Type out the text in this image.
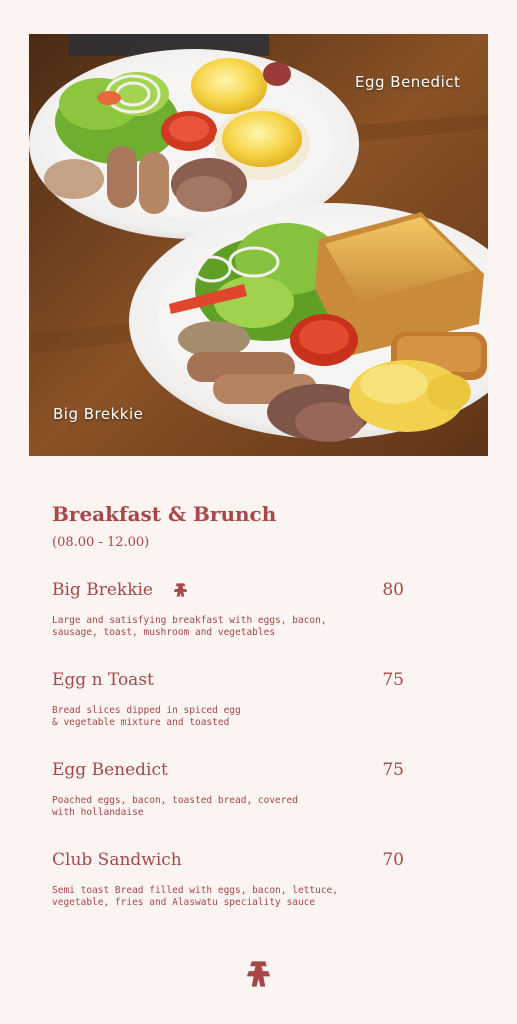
Egg Benedict
Big Brekkie
Breakfast & Brunch
(08.00 - 12.00)
Big Brekkie	80
Large and satisfying breakfast with eggs, bacon,
sausage, toast, mushroom and vegetables
Egg n Toast	75
Bread slices dipped in spiced egg
& vegetable mixture and toasted
Egg Benedict	75
Poached eggs, bacon, toasted bread, covered
with hollandaise
Club Sandwich	70
Semi toast Bread filled with eggs, bacon, lettuce,
vegetable, fries and Alaswatu speciality sauce
